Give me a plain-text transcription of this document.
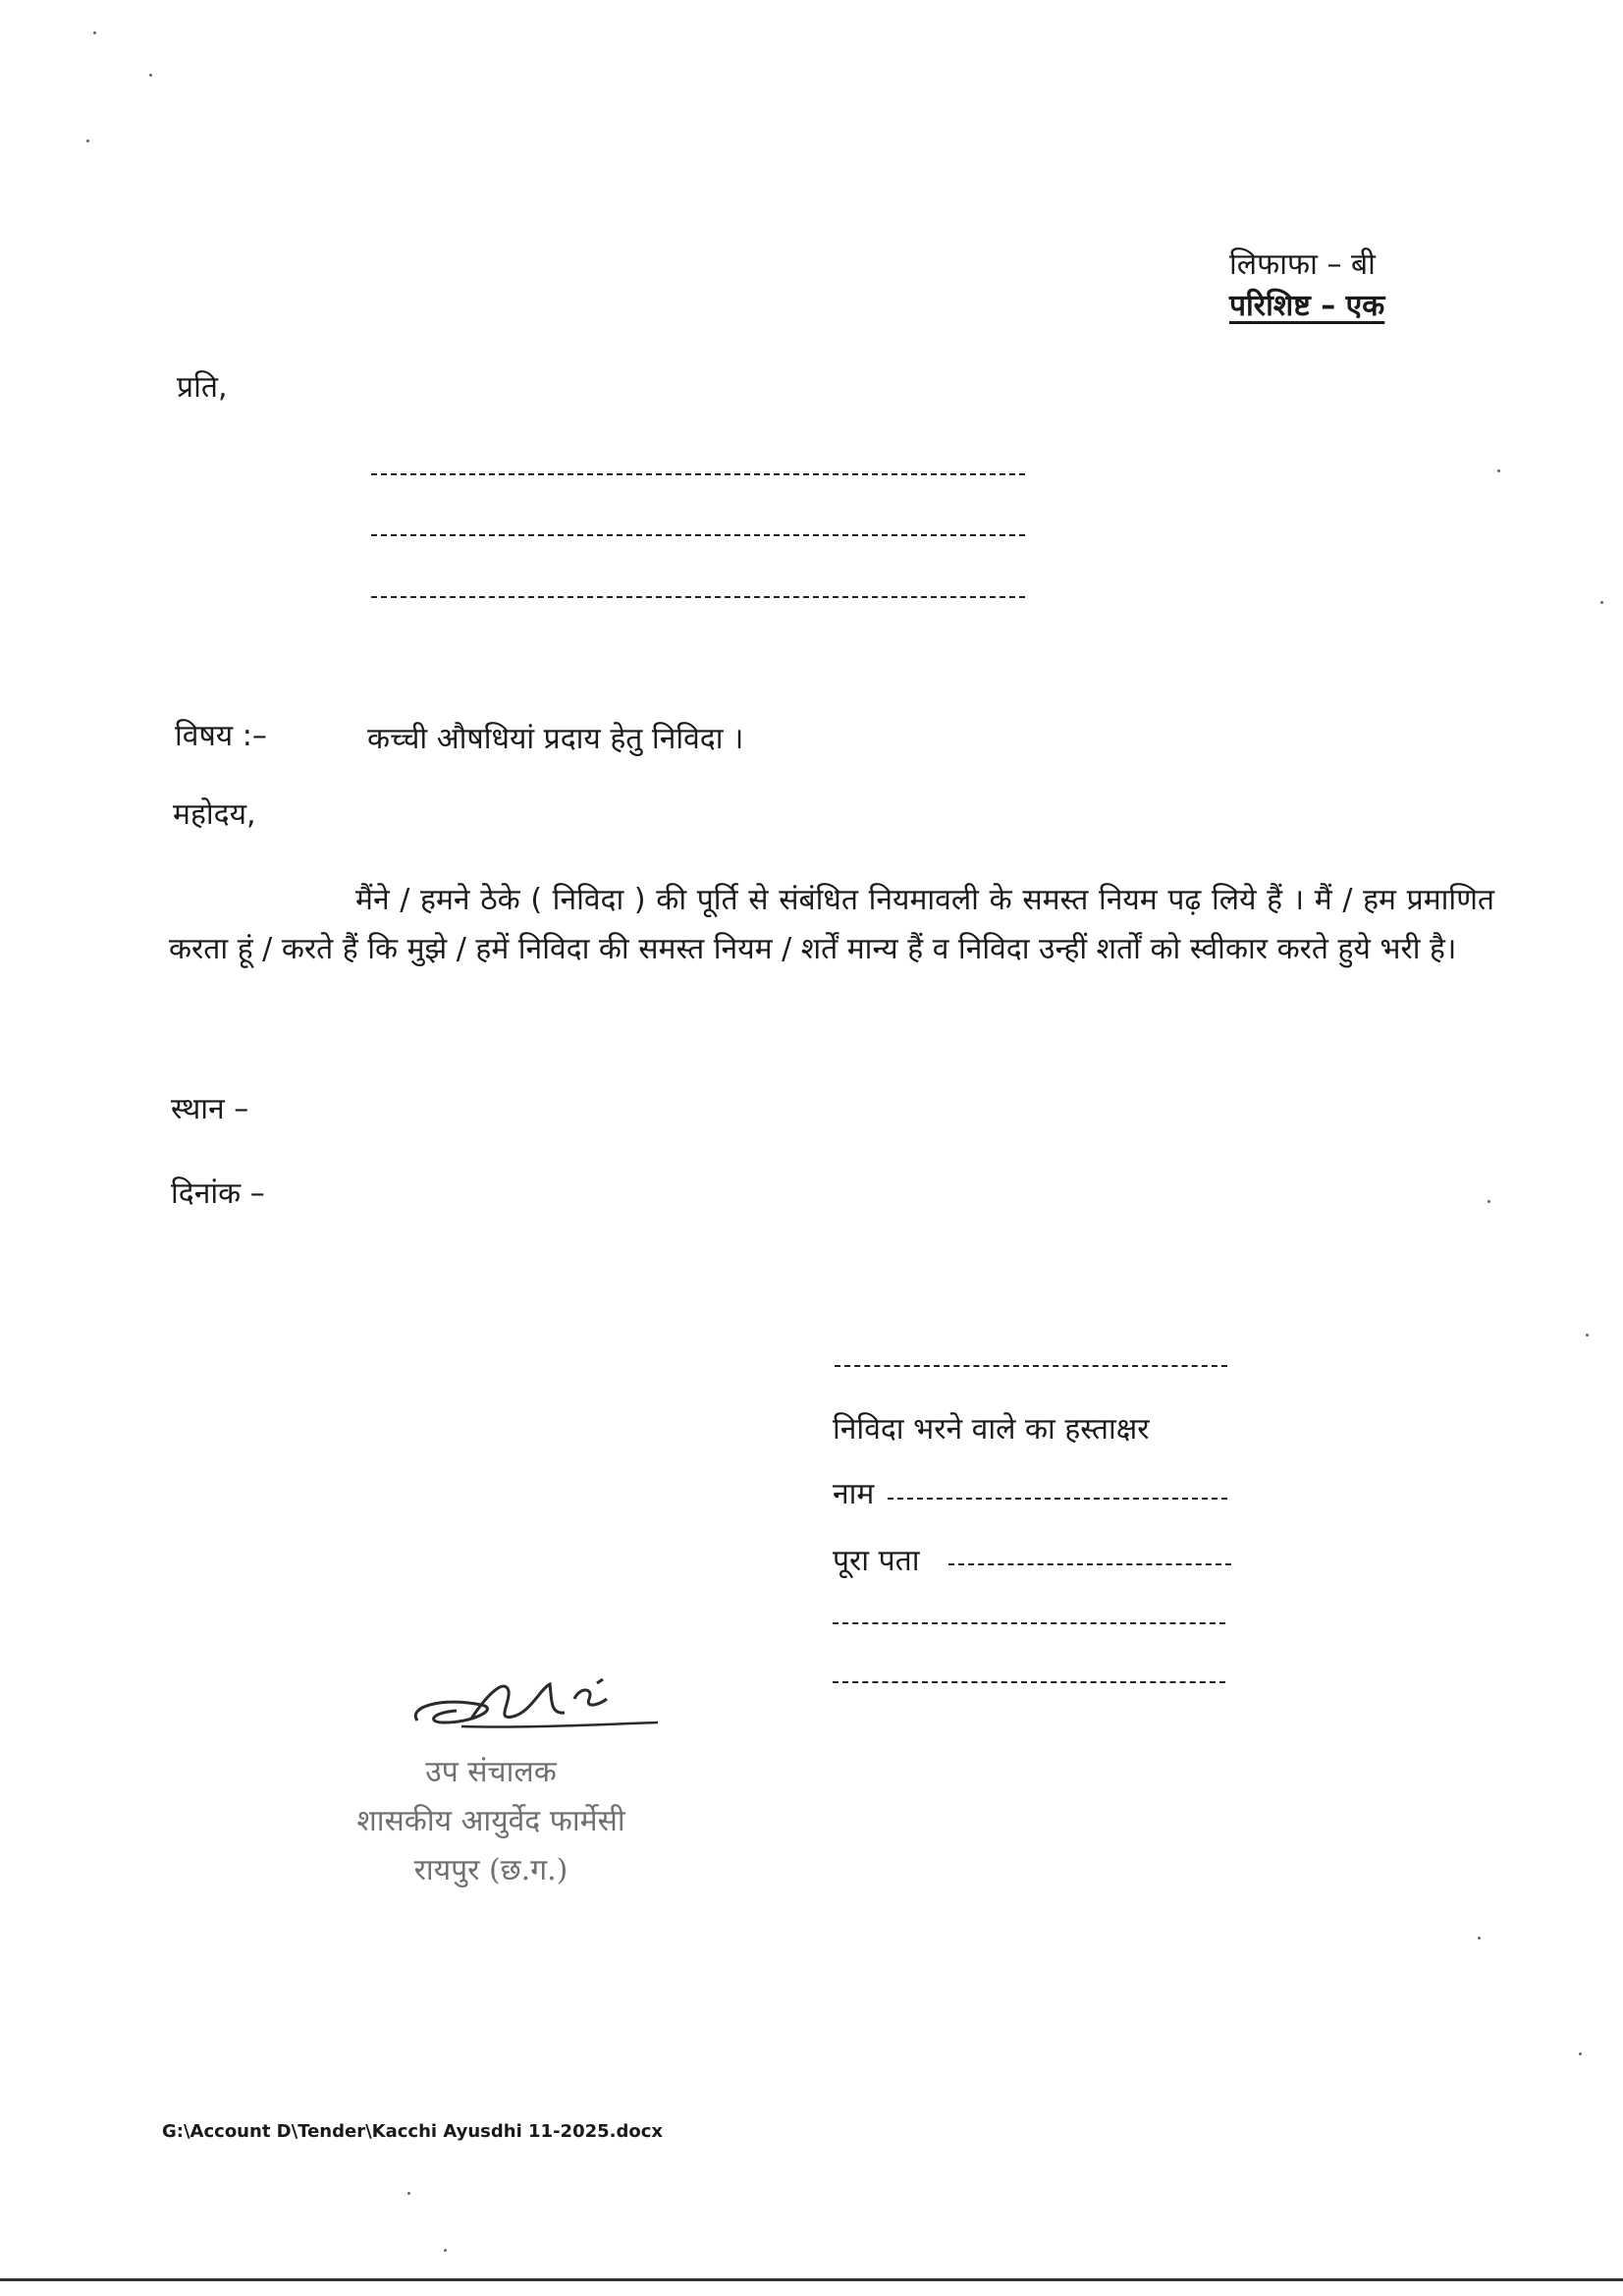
लिफाफा – बी
परिशिष्ट – एक
प्रति,
विषय :–	कच्ची औषधियां प्रदाय हेतु निविदा ।
महोदय,
मैंने / हमने ठेके ( निविदा ) की पूर्ति से संबंधित नियमावली के समस्त नियम पढ़ लिये हैं । मैं / हम प्रमाणित करता हूं / करते हैं कि मुझे / हमें निविदा की समस्त नियम / शर्तें मान्य हैं व निविदा उन्हीं शर्तों को स्वीकार करते हुये भरी है।
स्थान –
दिनांक –
निविदा भरने वाले का हस्ताक्षर
नाम
पूरा पता
उप संचालक
शासकीय आयुर्वेद फार्मेसी
रायपुर (छ.ग.)
G:\Account D\Tender\Kacchi Ayusdhi 11-2025.docx
